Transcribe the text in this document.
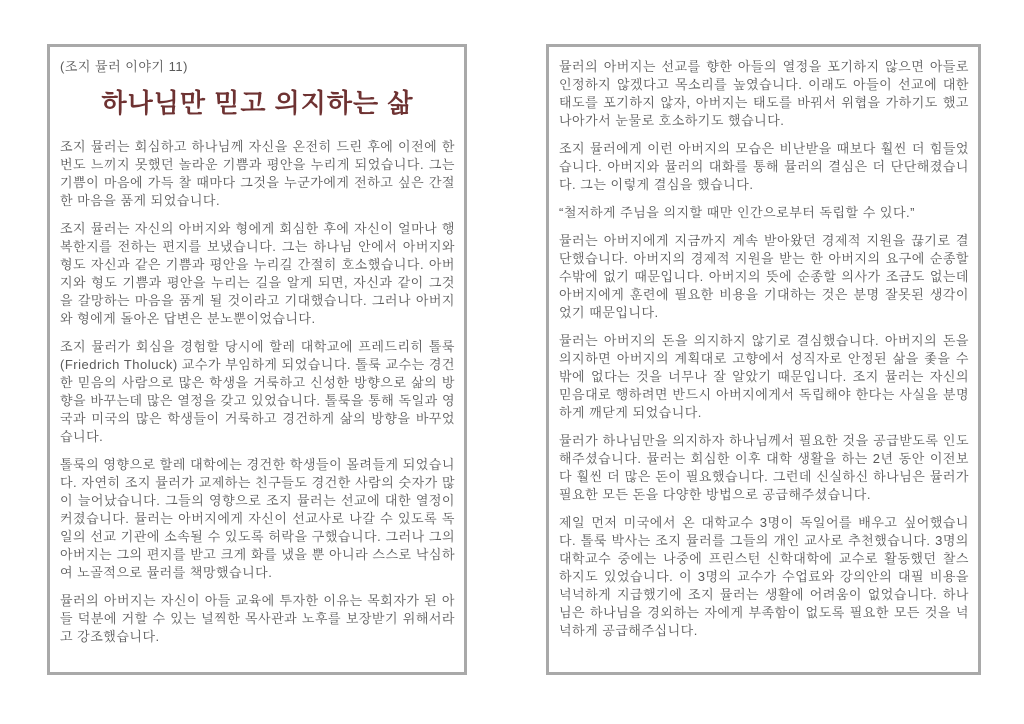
(조지 뮬러 이야기 11)

하나님만 믿고 의지하는 삶

조지 뮬러는 회심하고 하나님께 자신을 온전히 드린 후에 이전에 한 번도 느끼지 못했던 놀라운 기쁨과 평안을 누리게 되었습니다. 그는 기쁨이 마음에 가득 찰 때마다 그것을 누군가에게 전하고 싶은 간절한 마음을 품게 되었습니다.

조지 뮬러는 자신의 아버지와 형에게 회심한 후에 자신이 얼마나 행복한지를 전하는 편지를 보냈습니다. 그는 하나님 안에서 아버지와 형도 자신과 같은 기쁨과 평안을 누리길 간절히 호소했습니다. 아버지와 형도 기쁨과 평안을 누리는 길을 알게 되면, 자신과 같이 그것을 갈망하는 마음을 품게 될 것이라고 기대했습니다. 그러나 아버지와 형에게 돌아온 답변은 분노뿐이었습니다.

조지 뮬러가 회심을 경험할 당시에 할레 대학교에 프레드리히 톨룩(Friedrich Tholuck) 교수가 부임하게 되었습니다. 톨룩 교수는 경건한 믿음의 사람으로 많은 학생을 거룩하고 신성한 방향으로 삶의 방향을 바꾸는데 많은 열정을 갖고 있었습니다. 톨룩을 통해 독일과 영국과 미국의 많은 학생들이 거룩하고 경건하게 삶의 방향을 바꾸었습니다.

톨룩의 영향으로 할레 대학에는 경건한 학생들이 몰려들게 되었습니다. 자연히 조지 뮬러가 교제하는 친구들도 경건한 사람의 숫자가 많이 늘어났습니다. 그들의 영향으로 조지 뮬러는 선교에 대한 열정이 커졌습니다. 뮬러는 아버지에게 자신이 선교사로 나갈 수 있도록 독일의 선교 기관에 소속될 수 있도록 허락을 구했습니다. 그러나 그의 아버지는 그의 편지를 받고 크게 화를 냈을 뿐 아니라 스스로 낙심하여 노골적으로 뮬러를 책망했습니다.

뮬러의 아버지는 자신이 아들 교육에 투자한 이유는 목회자가 된 아들 덕분에 거할 수 있는 널찍한 목사관과 노후를 보장받기 위해서라고 강조했습니다.

뮬러의 아버지는 선교를 향한 아들의 열정을 포기하지 않으면 아들로 인정하지 않겠다고 목소리를 높였습니다. 이래도 아들이 선교에 대한 태도를 포기하지 않자, 아버지는 태도를 바꿔서 위협을 가하기도 했고 나아가서 눈물로 호소하기도 했습니다.

조지 뮬러에게 이런 아버지의 모습은 비난받을 때보다 훨씬 더 힘들었습니다. 아버지와 뮬러의 대화를 통해 뮬러의 결심은 더 단단해졌습니다. 그는 이렇게 결심을 했습니다.

“철저하게 주님을 의지할 때만 인간으로부터 독립할 수 있다.”

뮬러는 아버지에게 지금까지 계속 받아왔던 경제적 지원을 끊기로 결단했습니다. 아버지의 경제적 지원을 받는 한 아버지의 요구에 순종할 수밖에 없기 때문입니다. 아버지의 뜻에 순종할 의사가 조금도 없는데 아버지에게 훈련에 필요한 비용을 기대하는 것은 분명 잘못된 생각이었기 때문입니다.

뮬러는 아버지의 돈을 의지하지 않기로 결심했습니다. 아버지의 돈을 의지하면 아버지의 계획대로 고향에서 성직자로 안정된 삶을 좇을 수밖에 없다는 것을 너무나 잘 알았기 때문입니다. 조지 뮬러는 자신의 믿음대로 행하려면 반드시 아버지에게서 독립해야 한다는 사실을 분명하게 깨닫게 되었습니다.

뮬러가 하나님만을 의지하자 하나님께서 필요한 것을 공급받도록 인도해주셨습니다. 뮬러는 회심한 이후 대학 생활을 하는 2년 동안 이전보다 훨씬 더 많은 돈이 필요했습니다. 그런데 신실하신 하나님은 뮬러가 필요한 모든 돈을 다양한 방법으로 공급해주셨습니다.

제일 먼저 미국에서 온 대학교수 3명이 독일어를 배우고 싶어했습니다. 톨룩 박사는 조지 뮬러를 그들의 개인 교사로 추천했습니다. 3명의 대학교수 중에는 나중에 프린스턴 신학대학에 교수로 활동했던 찰스 하지도 있었습니다. 이 3명의 교수가 수업료와 강의안의 대필 비용을 넉넉하게 지급했기에 조지 뮬러는 생활에 어려움이 없었습니다. 하나님은 하나님을 경외하는 자에게 부족함이 없도록 필요한 모든 것을 넉넉하게 공급해주십니다.
